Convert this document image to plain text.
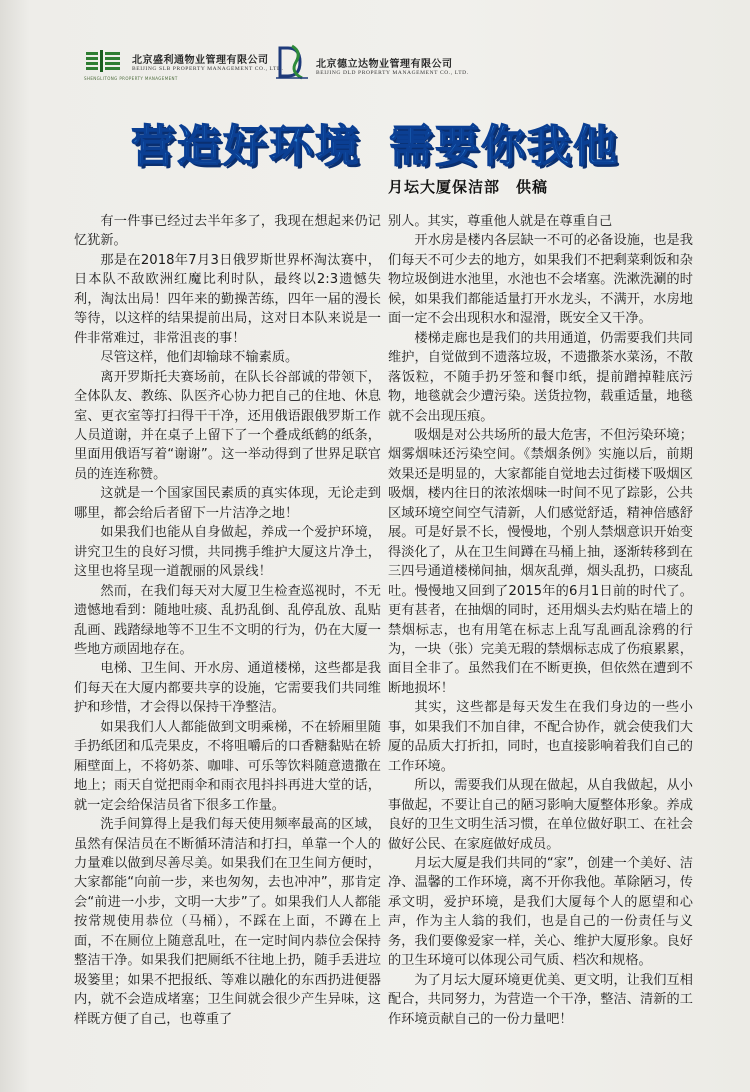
北京盛利通物业管理有限公司
BEIJING SLB PROPERTY MANAGEMENT CO., LTD.
SHENGLITONG PROPERTY MANAGEMENT
北京德立达物业管理有限公司
BEIJING DLD PROPERTY MANAGEMENT CO., LTD.
营造好环境 需要你我他
月坛大厦保洁部　供稿

有一件事已经过去半年多了，我现在想起来仍记忆犹新。

那是在2018年7月3日俄罗斯世界杯淘汰赛中，日本队不敌欧洲红魔比利时队，最终以2:3遗憾失利，淘汰出局！四年来的勤操苦练，四年一届的漫长等待，以这样的结果提前出局，这对日本队来说是一件非常难过，非常沮丧的事！

尽管这样，他们却输球不输素质。

离开罗斯托夫赛场前，在队长谷部诚的带领下，全体队友、教练、队医齐心协力把自己的住地、休息室、更衣室等打扫得干干净，还用俄语跟俄罗斯工作人员道谢，并在桌子上留下了一个叠成纸鹤的纸条，里面用俄语写着“谢谢”。这一举动得到了世界足联官员的连连称赞。

这就是一个国家国民素质的真实体现，无论走到哪里，都会给后者留下一片洁净之地！

如果我们也能从自身做起，养成一个爱护环境，讲究卫生的良好习惯，共同携手维护大厦这片净土，这里也将呈现一道靓丽的风景线！

然而，在我们每天对大厦卫生检查巡视时，不无遗憾地看到：随地吐痰、乱扔乱倒、乱停乱放、乱贴乱画、践踏绿地等不卫生不文明的行为，仍在大厦一些地方顽固地存在。

电梯、卫生间、开水房、通道楼梯，这些都是我们每天在大厦内都要共享的设施，它需要我们共同维护和珍惜，才会得以保持干净整洁。

如果我们人人都能做到文明乘梯，不在轿厢里随手扔纸团和瓜壳果皮，不将咀嚼后的口香糖黏贴在轿厢壁面上，不将奶茶、咖啡、可乐等饮料随意遗撒在地上；雨天自觉把雨伞和雨衣甩抖抖再进大堂的话，就一定会给保洁员省下很多工作量。

洗手间算得上是我们每天使用频率最高的区域，虽然有保洁员在不断循环清洁和打扫，单靠一个人的力量难以做到尽善尽美。如果我们在卫生间方便时，大家都能“向前一步，来也匆匆，去也冲冲”，那肯定会“前进一小步，文明一大步”了。如果我们人人都能按常规使用恭位（马桶），不踩在上面，不蹲在上面，不在厕位上随意乱吐，在一定时间内恭位会保持整洁干净。如果我们把厕纸不往地上扔，随手丢进垃圾篓里；如果不把报纸、等难以融化的东西扔进便器内，就不会造成堵塞；卫生间就会很少产生异味，这样既方便了自己，也尊重了

别人。其实，尊重他人就是在尊重自己

开水房是楼内各层缺一不可的必备设施，也是我们每天不可少去的地方，如果我们不把剩菜剩饭和杂物垃圾倒进水池里，水池也不会堵塞。洗漱洗涮的时候，如果我们都能适量打开水龙头，不满开，水房地面一定不会出现积水和湿滑，既安全又干净。

楼梯走廊也是我们的共用通道，仍需要我们共同维护，自觉做到不遗落垃圾，不遗撒茶水菜汤，不散落饭粒，不随手扔牙签和餐巾纸，提前蹭掉鞋底污物，地毯就会少遭污染。送货拉物，载重适量，地毯就不会出现压痕。

吸烟是对公共场所的最大危害，不但污染环境；烟雾烟味还污染空间。《禁烟条例》实施以后，前期效果还是明显的，大家都能自觉地去过街楼下吸烟区吸烟，楼内往日的浓浓烟味一时间不见了踪影，公共区域环境空间空气清新，人们感觉舒适，精神倍感舒展。可是好景不长，慢慢地，个别人禁烟意识开始变得淡化了，从在卫生间蹲在马桶上抽，逐渐转移到在三四号通道楼梯间抽，烟灰乱弹，烟头乱扔，口痰乱吐。慢慢地又回到了2015年的6月1日前的时代了。更有甚者，在抽烟的同时，还用烟头去灼贴在墙上的禁烟标志，也有用笔在标志上乱写乱画乱涂鸦的行为，一块（张）完美无瑕的禁烟标志成了伤痕累累，面目全非了。虽然我们在不断更换，但依然在遭到不断地损坏！

其实，这些都是每天发生在我们身边的一些小事，如果我们不加自律，不配合协作，就会使我们大厦的品质大打折扣，同时，也直接影响着我们自己的工作环境。

所以，需要我们从现在做起，从自我做起，从小事做起，不要让自己的陋习影响大厦整体形象。养成良好的卫生文明生活习惯，在单位做好职工、在社会做好公民、在家庭做好成员。

月坛大厦是我们共同的“家”，创建一个美好、洁净、温馨的工作环境，离不开你我他。革除陋习，传承文明，爱护环境，是我们大厦每个人的愿望和心声，作为主人翁的我们，也是自己的一份责任与义务，我们要像爱家一样，关心、维护大厦形象。良好的卫生环境可以体现公司气质、档次和规格。

为了月坛大厦环境更优美、更文明，让我们互相配合，共同努力，为营造一个干净，整洁、清新的工作环境贡献自己的一份力量吧！
